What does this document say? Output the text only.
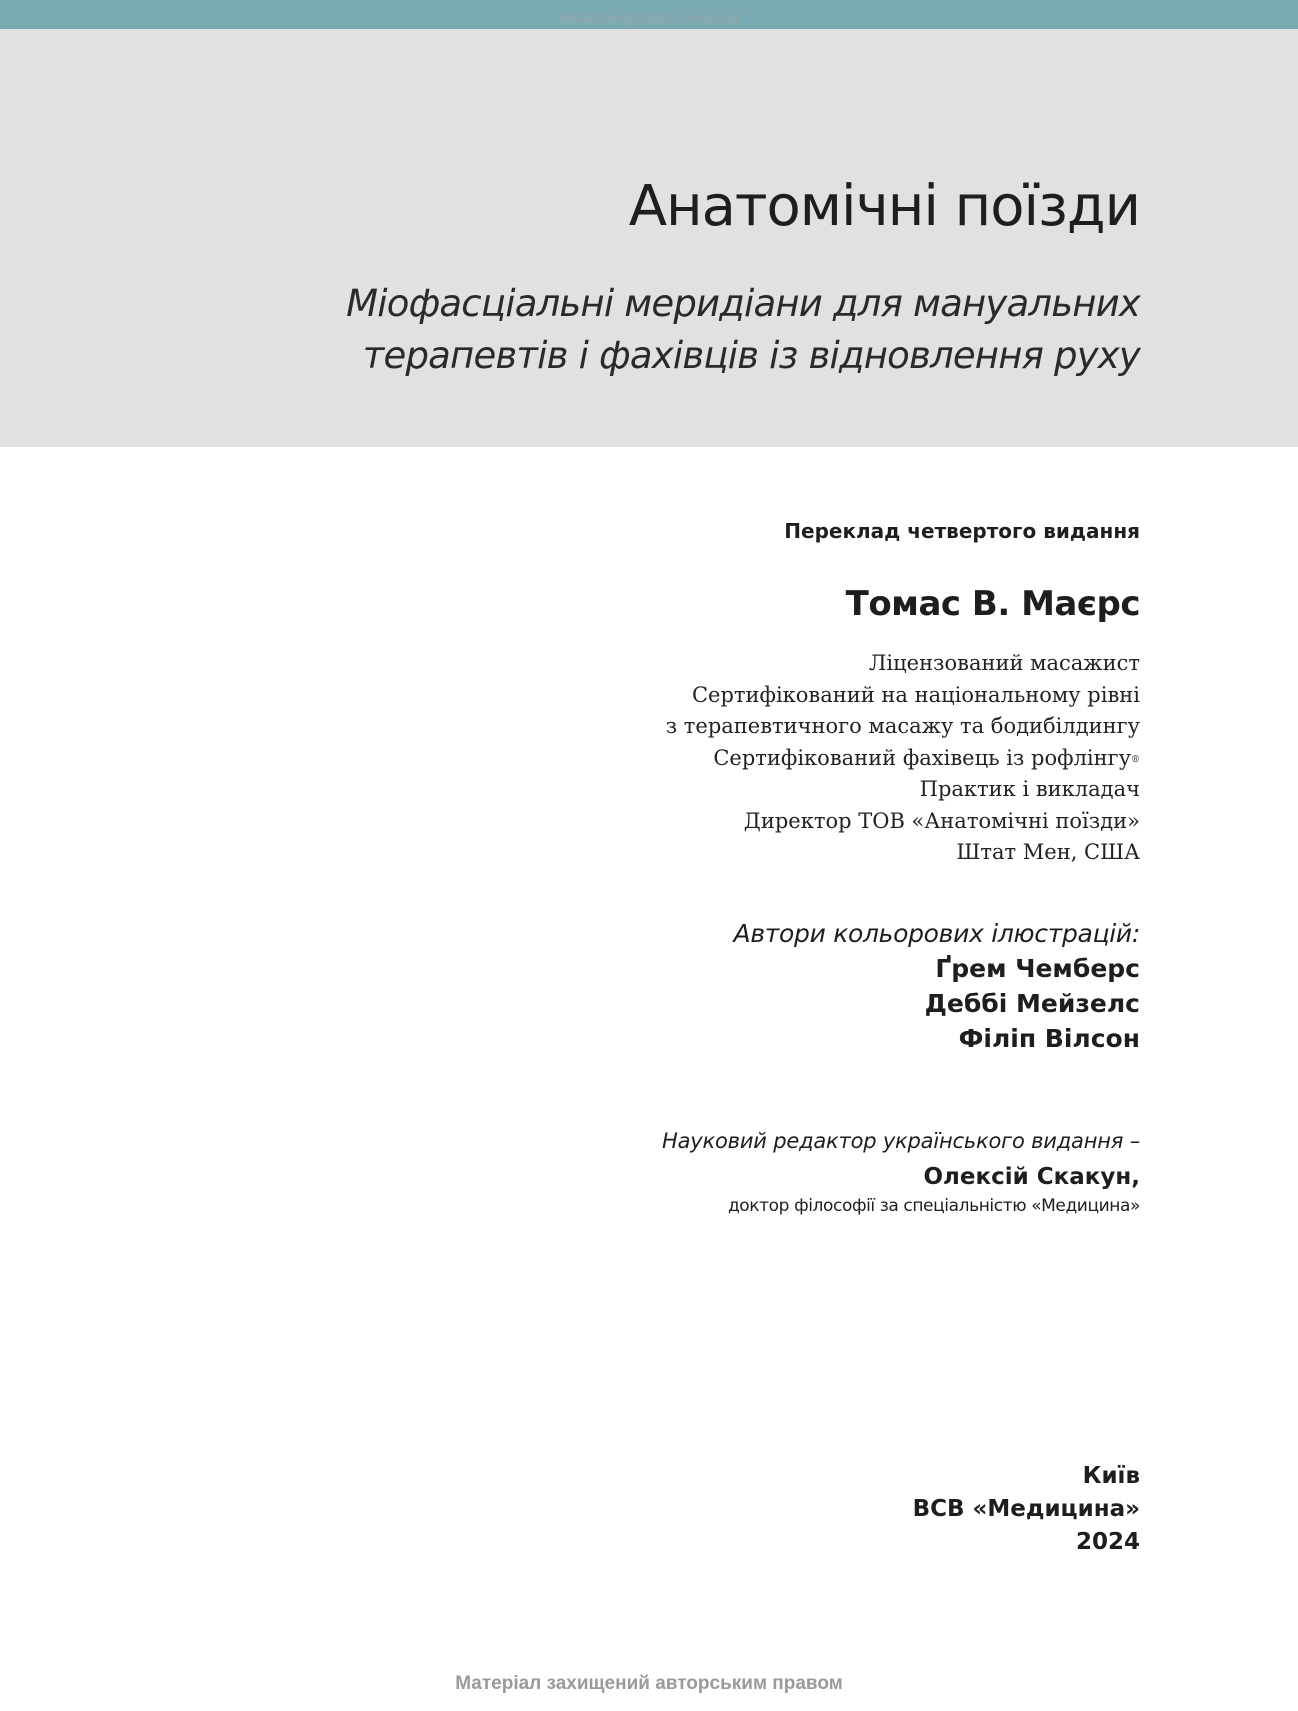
www.medpublish.com.ua
Анатомічні поїзди
Міофасціальні меридіани для мануальних
терапевтів і фахівців із відновлення руху
Переклад четвертого видання
Томас В. Маєрс
Ліцензований масажист
Сертифікований на національному рівні
з терапевтичного масажу та бодибілдингу
Сертифікований фахівець із рофлінгу®
Практик і викладач
Директор ТОВ «Анатомічні поїзди»
Штат Мен, США
Автори кольорових ілюстрацій:
Ґрем Чемберс
Деббі Мейзелс
Філіп Вілсон
Науковий редактор українського видання –
Олексій Скакун,
доктор філософії за спеціальністю «Медицина»
Київ
ВСВ «Медицина»
2024
Матеріал захищений авторським правом
